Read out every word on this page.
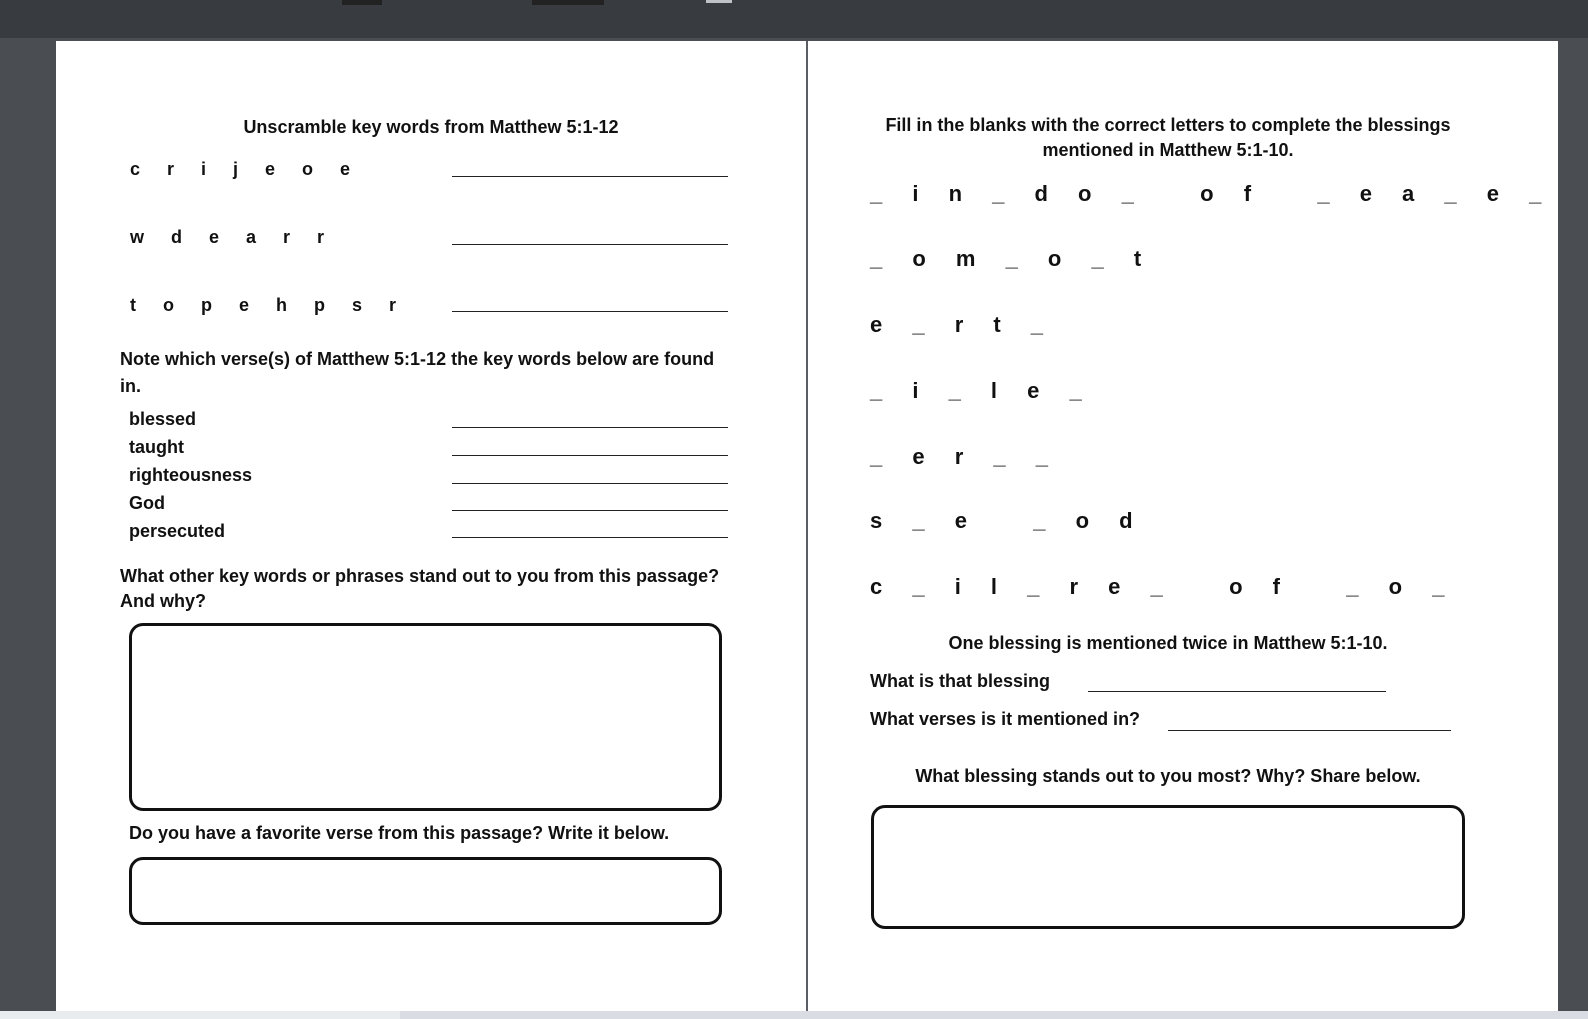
Unscramble key words from Matthew 5:1-12
c r i j e o e
w d e a r r
t o p e h p s r
Note which verse(s) of Matthew 5:1-12 the key words below are found in.
blessed
taught
righteousness
God
persecuted
What other key words or phrases stand out to you from this passage? And why?
Do you have a favorite verse from this passage? Write it below.
Fill in the blanks with the correct letters to complete the blessings mentioned in Matthew 5:1-10.
_ i n _ d o _   o f   _ e a _ e _
_ o m _ o _ t
e _ r t _
_ i _ l e _
_ e r _ _
s _ e   _ o d
c _ i l _ r e _   o f   _ o _
One blessing is mentioned twice in Matthew 5:1-10.
What is that blessing
What verses is it mentioned in?
What blessing stands out to you most? Why? Share below.
